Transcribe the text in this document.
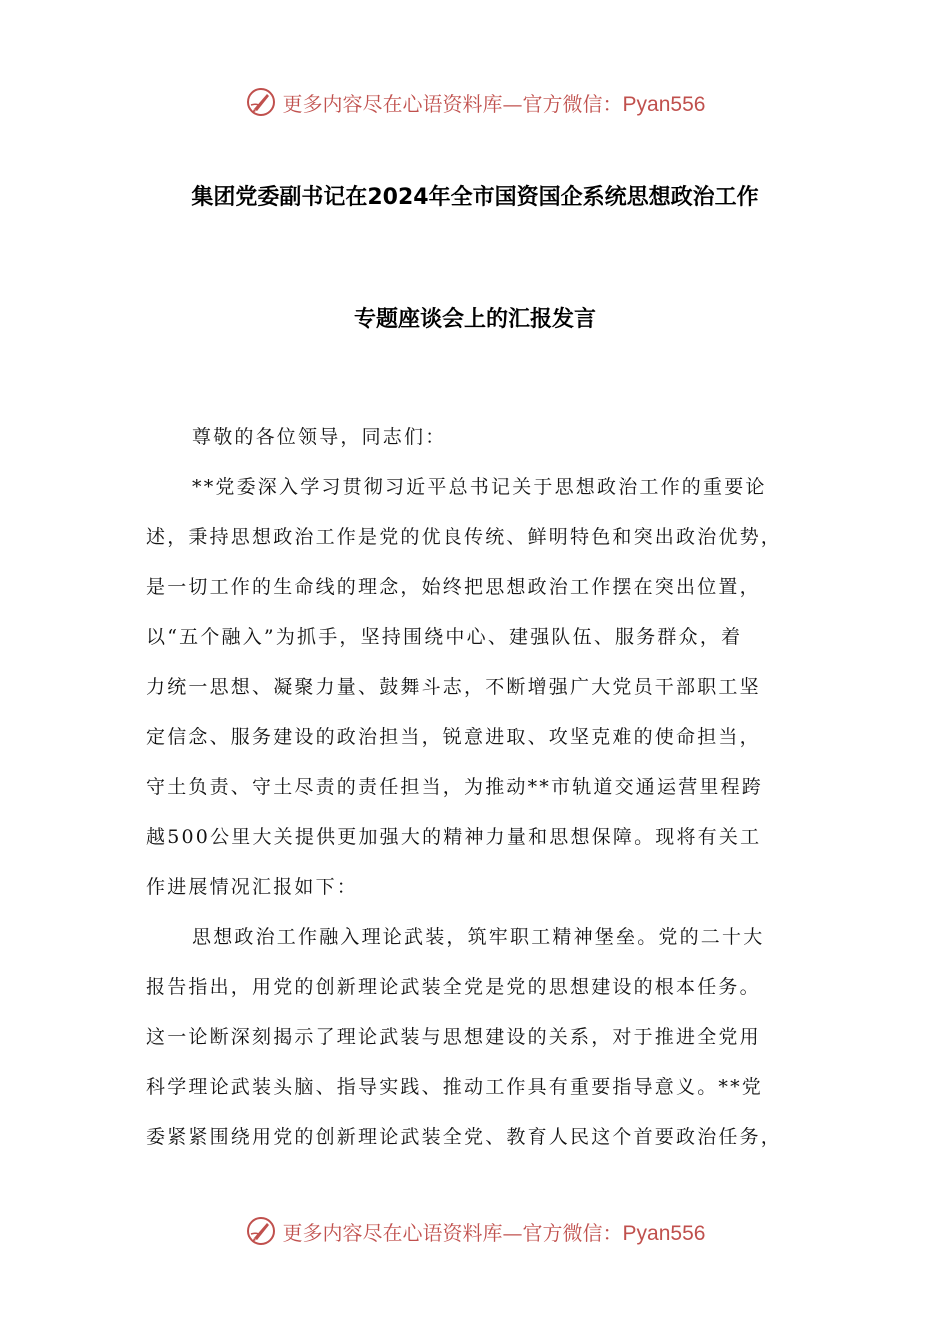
更多内容尽在心语资料库—官方微信：Pyan556
集团党委副书记在2024年全市国资国企系统思想政治工作
专题座谈会上的汇报发言

尊敬的各位领导，同志们：

**党委深入学习贯彻习近平总书记关于思想政治工作的重要论
述，秉持思想政治工作是党的优良传统、鲜明特色和突出政治优势，
是一切工作的生命线的理念，始终把思想政治工作摆在突出位置，
以“五个融入”为抓手，坚持围绕中心、建强队伍、服务群众，着
力统一思想、凝聚力量、鼓舞斗志，不断增强广大党员干部职工坚
定信念、服务建设的政治担当，锐意进取、攻坚克难的使命担当，
守土负责、守土尽责的责任担当，为推动**市轨道交通运营里程跨
越500公里大关提供更加强大的精神力量和思想保障。现将有关工
作进展情况汇报如下：

思想政治工作融入理论武装，筑牢职工精神堡垒。党的二十大
报告指出，用党的创新理论武装全党是党的思想建设的根本任务。
这一论断深刻揭示了理论武装与思想建设的关系，对于推进全党用
科学理论武装头脑、指导实践、推动工作具有重要指导意义。**党
委紧紧围绕用党的创新理论武装全党、教育人民这个首要政治任务，

更多内容尽在心语资料库—官方微信：Pyan556
